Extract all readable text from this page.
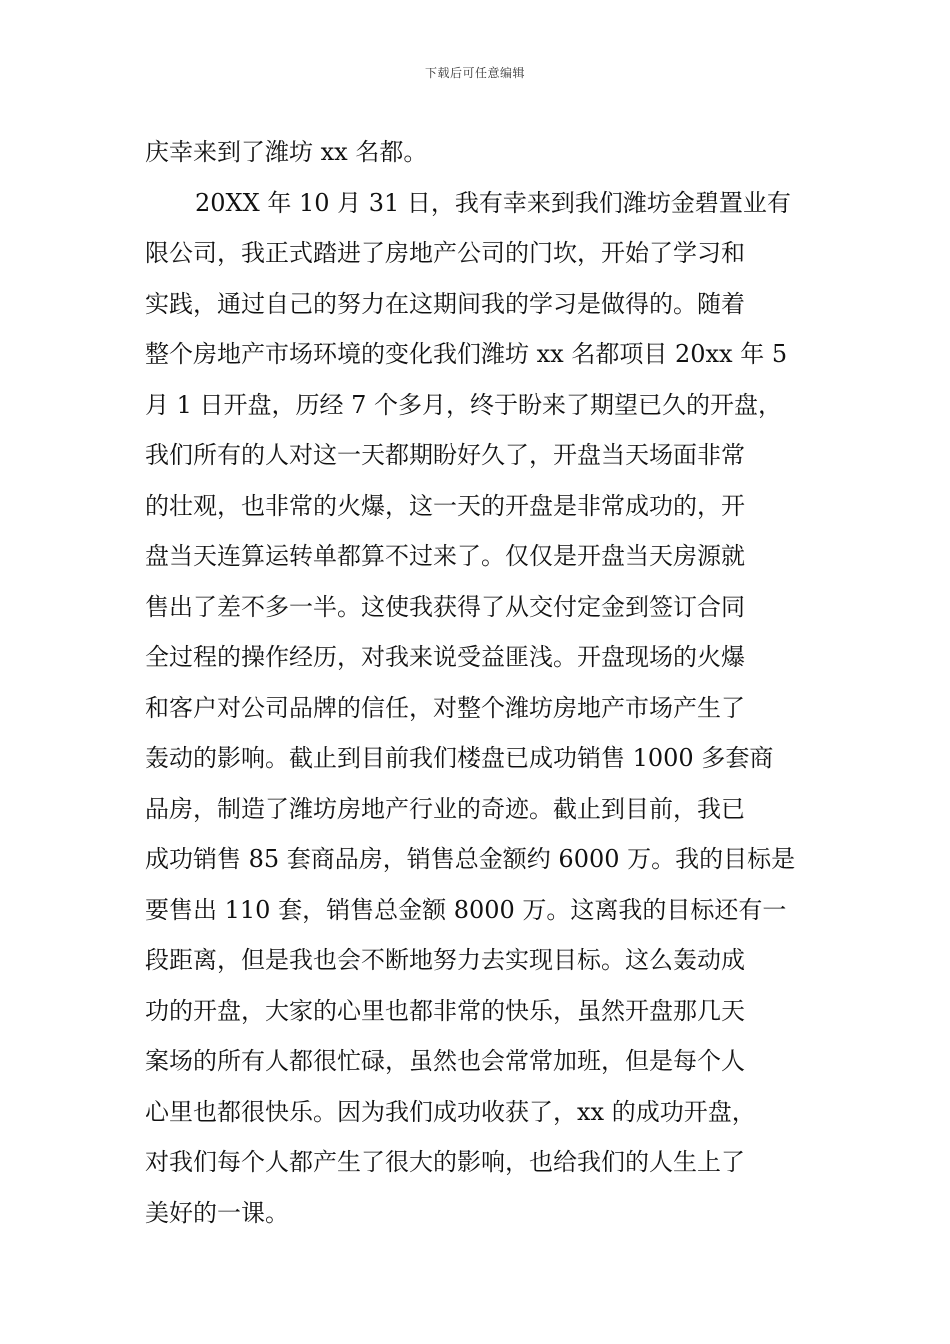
下载后可任意编辑
庆幸来到了潍坊 xx 名都。
20XX 年 10 月 31 日，我有幸来到我们潍坊金碧置业有
限公司，我正式踏进了房地产公司的门坎，开始了学习和
实践，通过自己的努力在这期间我的学习是做得的。随着
整个房地产市场环境的变化我们潍坊 xx 名都项目 20xx 年 5
月 1 日开盘，历经 7 个多月，终于盼来了期望已久的开盘，
我们所有的人对这一天都期盼好久了，开盘当天场面非常
的壮观，也非常的火爆，这一天的开盘是非常成功的，开
盘当天连算运转单都算不过来了。仅仅是开盘当天房源就
售出了差不多一半。这使我获得了从交付定金到签订合同
全过程的操作经历，对我来说受益匪浅。开盘现场的火爆
和客户对公司品牌的信任，对整个潍坊房地产市场产生了
轰动的影响。截止到目前我们楼盘已成功销售 1000 多套商
品房，制造了潍坊房地产行业的奇迹。截止到目前，我已
成功销售 85 套商品房，销售总金额约 6000 万。我的目标是
要售出 110 套，销售总金额 8000 万。这离我的目标还有一
段距离，但是我也会不断地努力去实现目标。这么轰动成
功的开盘，大家的心里也都非常的快乐，虽然开盘那几天
案场的所有人都很忙碌，虽然也会常常加班，但是每个人
心里也都很快乐。因为我们成功收获了，xx 的成功开盘，
对我们每个人都产生了很大的影响，也给我们的人生上了
美好的一课。
